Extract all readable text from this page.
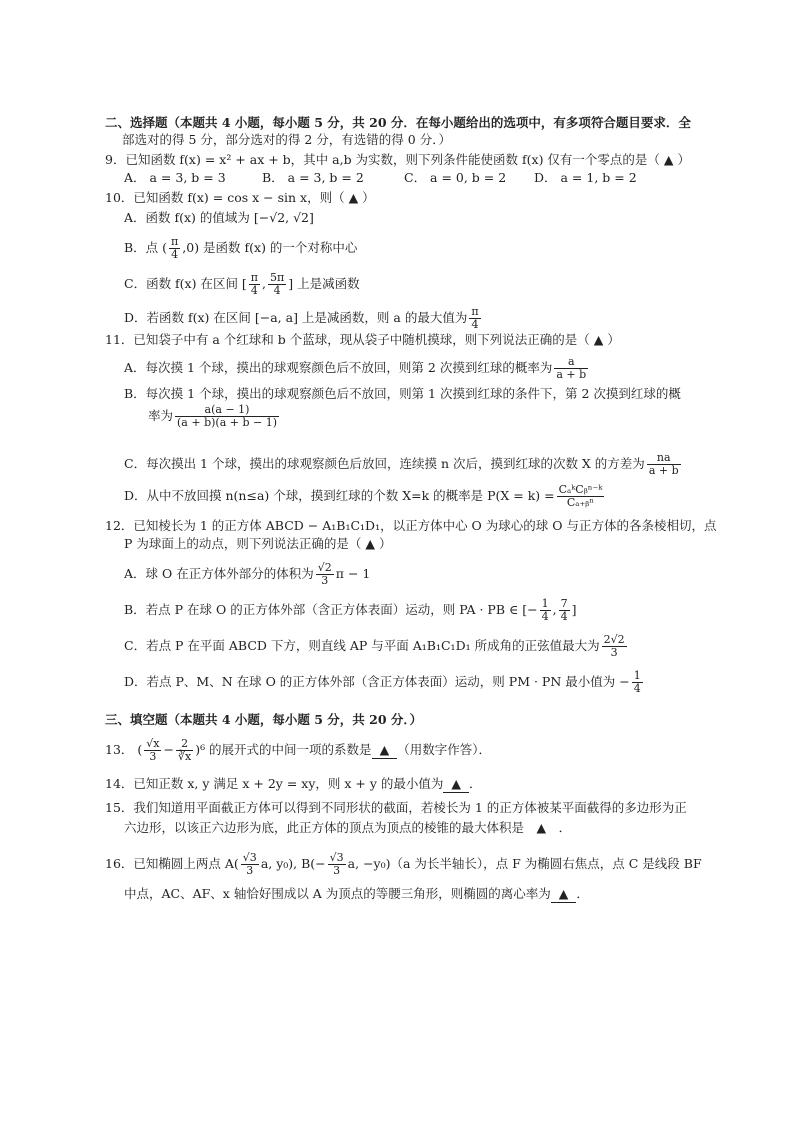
二、选择题（本题共 4 小题，每小题 5 分，共 20 分．在每小题给出的选项中，有多项符合题目要求．全
部选对的得 5 分，部分选对的得 2 分，有选错的得 0 分．）
9．已知函数 f(x) = x² + ax + b，其中 a,b 为实数，则下列条件能使函数 f(x) 仅有一个零点的是（ ▲ ）
A． a = 3, b = 3	B． a = 3, b = 2	C． a = 0, b = 2 D． a = 1, b = 2
10．已知函数 f(x) = cos x − sin x，则（ ▲ ）
A．函数 f(x) 的值域为 [−√2, √2]
B．点 ( $\frac{\pi}{4} ,0$) 是函数 f(x) 的一个对称中心
C．函数 f(x) 在区间 [ $\frac{\pi}{4}$ , $\frac{5\pi}{4}$ ] 上是减函数
D．若函数 f(x) 在区间 [−a, a] 上是减函数，则 a 的最大值为 $\frac{\pi}{4}$
11．已知袋子中有 a 个红球和 b 个蓝球，现从袋子中随机摸球，则下列说法正确的是（ ▲ ）
A．每次摸 1 个球，摸出的球观察颜色后不放回，则第 2 次摸到红球的概率为 $\frac{a}{a + b}$
B．每次摸 1 个球，摸出的球观察颜色后不放回，则第 1 次摸到红球的条件下，第 2 次摸到红球的概
率为 $\frac{a(a - 1)}{(a + b)(a + b - 1)}$
C．每次摸出 1 个球，摸出的球观察颜色后放回，连续摸 n 次后，摸到红球的次数 X 的方差为 $\frac{na}{a + b}$
D．从中不放回摸 n(n≤a) 个球，摸到红球的个数 X=k 的概率是 $P(X = k) = \frac{\text{CₐᵏCᵦⁿ⁻ᵏ}}{\text{Cₐ₊ᵦⁿ}}$
12．已知棱长为 1 的正方体 ABCD − A₁B₁C₁D₁，以正方体中心 O 为球心的球 O 与正方体的各条棱相切，点
P 为球面上的动点，则下列说法正确的是（ ▲ ）
A．球 O 在正方体外部分的体积为 $\frac{√2}{3}$ π − 1
B．若点 P 在球 O 的正方体外部（含正方体表面）运动，则 PA · PB ∈ [− $\frac{1}{4}$ , $\frac{7}{4}$ ]
C．若点 P 在平面 ABCD 下方，则直线 AP 与平面 A₁B₁C₁D₁ 所成角的正弦值最大为 $\frac{2√2}{3}$
D．若点 P、M、N 在球 O 的正方体外部（含正方体表面）运动，则 PM · PN 最小值为 − $\frac{1}{4}$
三、填空题（本题共 4 小题，每小题 5 分，共 20 分．）
13． ( $\frac{√x}{3} - \frac{2}{∛x} )^6$ 的展开式的中间一项的系数是 ▲ （用数字作答）．
14．已知正数 x, y 满足 x + 2y = xy，则 x + y 的最小值为 ▲ ．
15．我们知道用平面截正方体可以得到不同形状的截面，若棱长为 1 的正方体被某平面截得的多边形为正
六边形，以该正六边形为底，此正方体的顶点为顶点的棱锥的最大体积是　▲　．
16．已知椭圆上两点 $A( \frac{√3}{3} a$, y₀), $B(- \frac{√3}{3} a$, −y₀)（a 为长半轴长），点 F 为椭圆右焦点，点 C 是线段 BF
中点，AC、AF、x 轴恰好围成以 A 为顶点的等腰三角形，则椭圆的离心率为 ▲ ．
